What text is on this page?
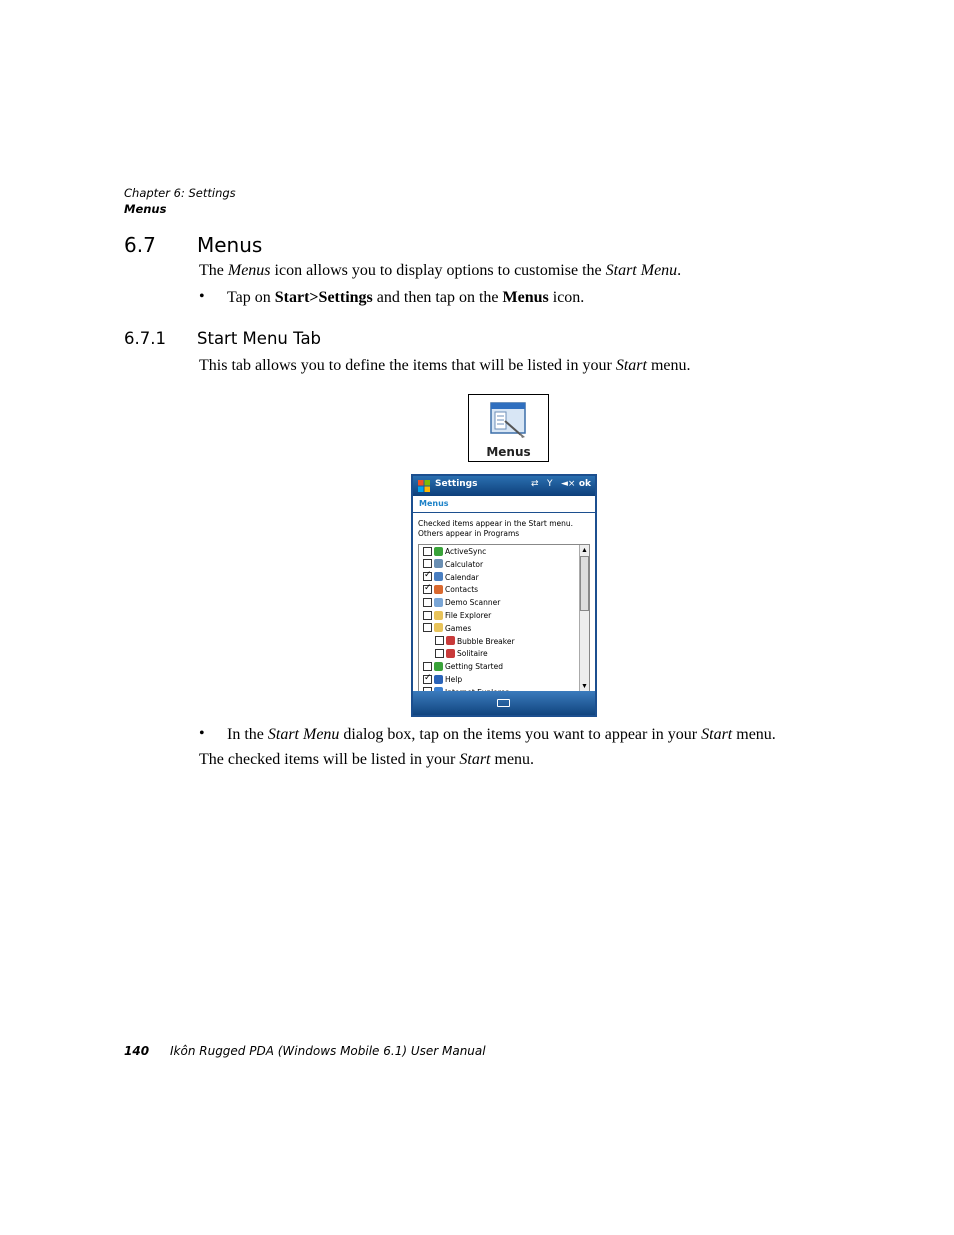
Chapter 6: Settings
Menus
6.7 Menus
The Menus icon allows you to display options to customise the Start Menu.
• Tap on Start>Settings and then tap on the Menus icon.
6.7.1 Start Menu Tab
This tab allows you to define the items that will be listed in your Start menu.
Menus
Settings	⇄ Y ◄× ok
Menus
Checked items appear in the Start menu.
Others appear in Programs
▲
▼
ActiveSync
Calculator
✓Calendar
✓Contacts
Demo Scanner
File Explorer
Games
Bubble Breaker
Solitaire
Getting Started
✓Help
• In the Start Menu dialog box, tap on the items you want to appear in your Start menu.
The checked items will be listed in your Start menu.
140 Ikôn Rugged PDA (Windows Mobile 6.1) User Manual
